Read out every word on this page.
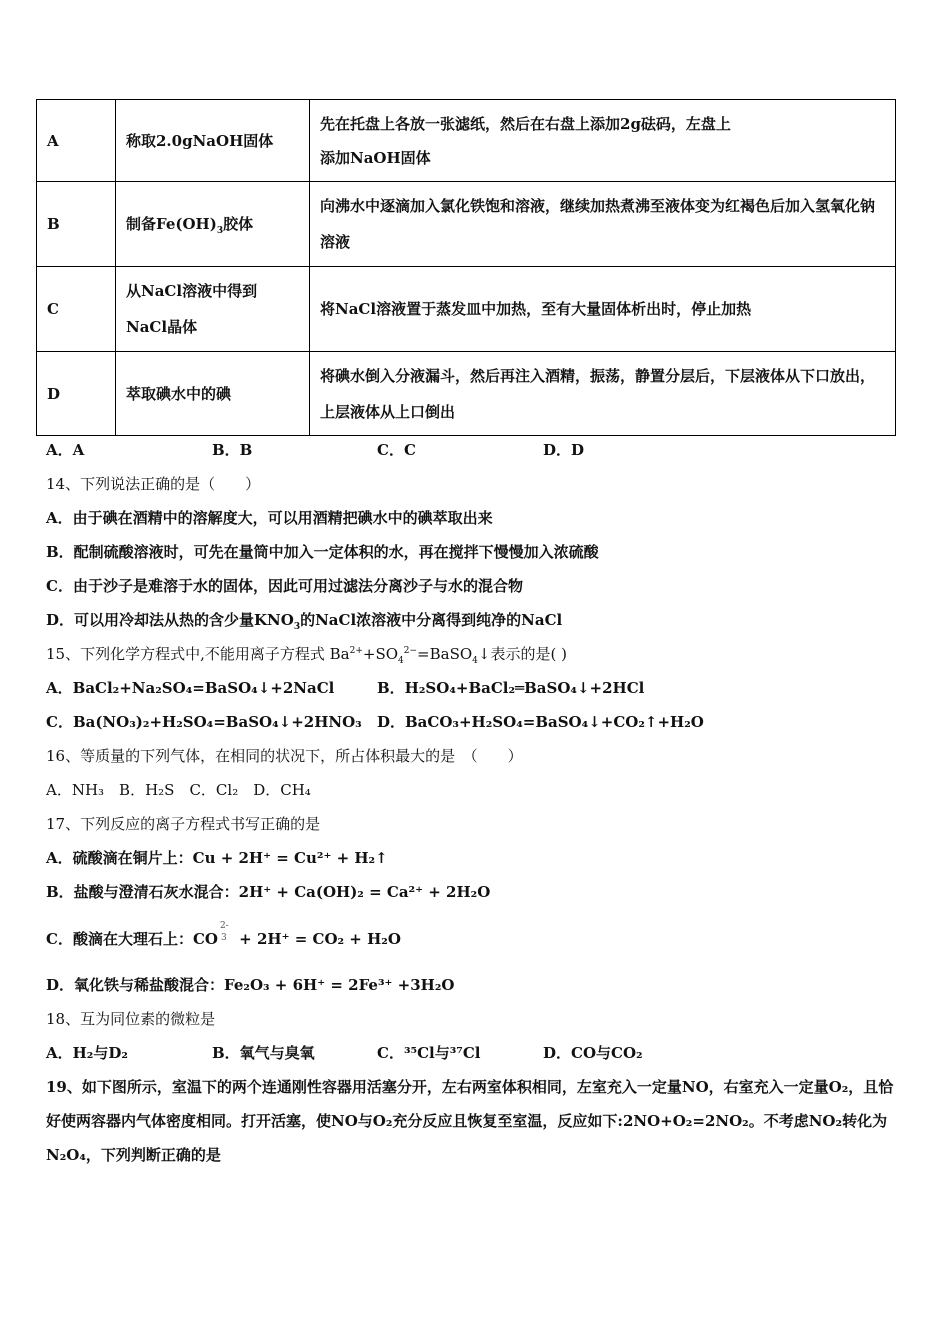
A	称取2.0gNaOH固体	先在托盘上各放一张滤纸，然后在右盘上添加2g砝码，左盘上添加NaOH固体
B	制备$Fe(OH)_3$胶体	向沸水中逐滴加入氯化铁饱和溶液，继续加热煮沸至液体变为红褐色后加入氢氧化钠溶液
C	从NaCl溶液中得到NaCl晶体	将NaCl溶液置于蒸发皿中加热，至有大量固体析出时，停止加热
D	萃取碘水中的碘	将碘水倒入分液漏斗，然后再注入酒精，振荡，静置分层后，下层液体从下口放出，上层液体从上口倒出
A．A	B．B	C．C	D．D
14、下列说法正确的是（　　）
A．由于碘在酒精中的溶解度大，可以用酒精把碘水中的碘萃取出来
B．配制硫酸溶液时，可先在量筒中加入一定体积的水，再在搅拌下慢慢加入浓硫酸
C．由于沙子是难溶于水的固体，因此可用过滤法分离沙子与水的混合物
D．可以用冷却法从热的含少量$KNO_3$的NaCl浓溶液中分离得到纯净的NaCl
15、下列化学方程式中,不能用离子方程式 $Ba^{2+}+SO_4^{2-}=BaSO_4↓$表示的是( )
A．BaCl₂+Na₂SO₄=BaSO₄↓+2NaCl	B．H₂SO₄+BaCl₂═BaSO₄↓+2HCl
C．Ba(NO₃)₂+H₂SO₄=BaSO₄↓+2HNO₃ D．BaCO₃+H₂SO₄=BaSO₄↓+CO₂↑+H₂O
16、等质量的下列气体，在相同的状况下，所占体积最大的是　（　　）
A．NH₃　B．H₂S　C．Cl₂　D．CH₄
17、下列反应的离子方程式书写正确的是
A．硫酸滴在铜片上：Cu + 2H⁺ = Cu²⁺ + H₂↑
B．盐酸与澄清石灰水混合：2H⁺ + Ca(OH)₂ = Ca²⁺ + 2H₂O
C．酸滴在大理石上：CO
2-
3 + 2H⁺ = CO₂ + H₂O
D．氧化铁与稀盐酸混合：Fe₂O₃ + 6H⁺ = 2Fe³⁺ +3H₂O
18、互为同位素的微粒是
A．H₂与D₂	B．氧气与臭氧	C．³⁵Cl与³⁷Cl	D．CO与CO₂
19、如下图所示，室温下的两个连通刚性容器用活塞分开，左右两室体积相同，左室充入一定量NO，右室充入一定量O₂，且恰好使两容器内气体密度相同。打开活塞，使NO与O₂充分反应且恢复至室温，反应如下:2NO+O₂=2NO₂。不考虑NO₂转化为N₂O₄，下列判断正确的是
